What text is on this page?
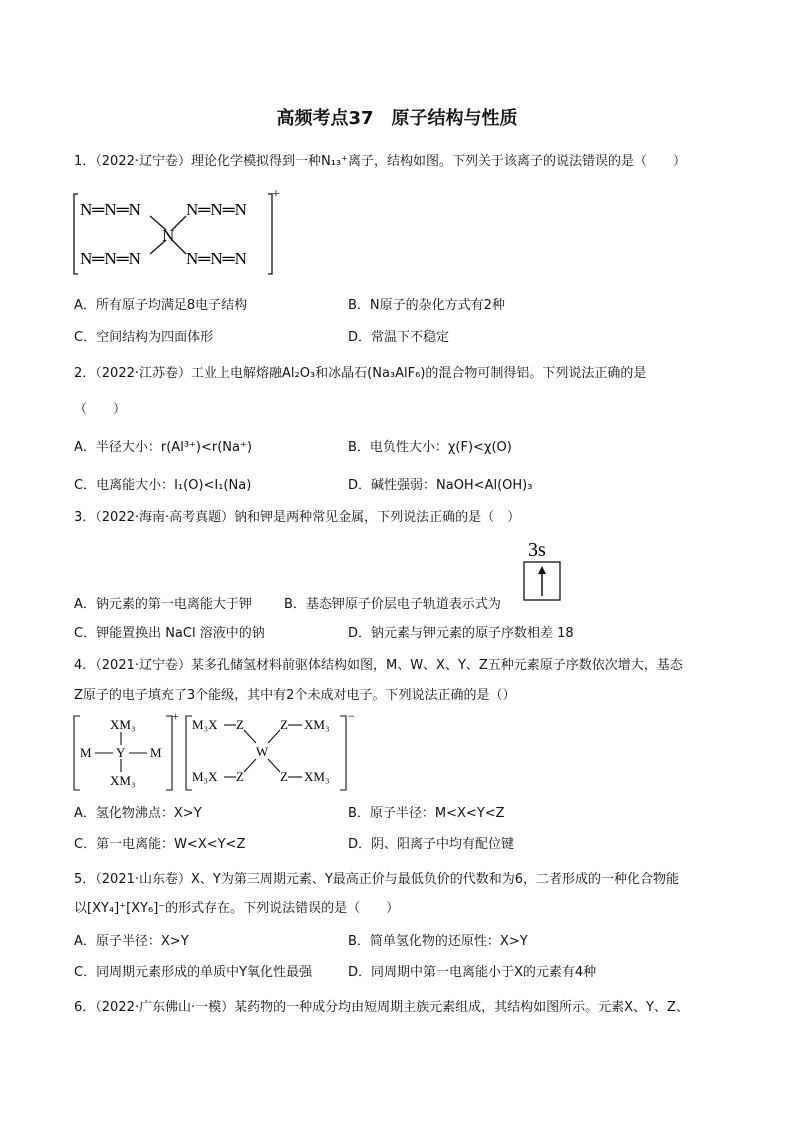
高频考点37　原子结构与性质
1．（2022·辽宁卷）理论化学模拟得到一种N₁₃⁺离子，结构如图。下列关于该离子的说法错误的是（　　）
N═N═N	N═N═N
N
N═N═N	N═N═N
+
A．所有原子均满足8电子结构	B．N原子的杂化方式有2种
C．空间结构为四面体形	D．常温下不稳定
2．（2022·江苏卷）工业上电解熔融Al₂O₃和冰晶石(Na₃AlF₆)的混合物可制得铝。下列说法正确的是
（　　）
A．半径大小：r(Al³⁺)<r(Na⁺)	B．电负性大小：χ(F)<χ(O)
C．电离能大小：I₁(O)<I₁(Na)	D．碱性强弱：NaOH<Al(OH)₃
3．（2022·海南·高考真题）钠和钾是两种常见金属，下列说法正确的是（　）
3s
A．钠元素的第一电离能大于钾 B．基态钾原子价层电子轨道表示式为
C．钾能置换出 NaCl 溶液中的钠	D．钠元素与钾元素的原子序数相差 18
4．（2021·辽宁卷）某多孔储氢材料前驱体结构如图，M、W、X、Y、Z五种元素原子序数依次增大，基态
Z原子的电子填充了3个能级，其中有2个未成对电子。下列说法正确的是（）
XM₃
M Y M
XM₃
+
M₃X Z
W
Z XM₃
M₃X Z	Z XM₃
−
A．氢化物沸点：X>Y	B．原子半径：M<X<Y<Z
C．第一电离能：W<X<Y<Z	D．阴、阳离子中均有配位键
5．（2021·山东卷）X、Y为第三周期元素、Y最高正价与最低负价的代数和为6，二者形成的一种化合物能
以[XY₄]⁺[XY₆]⁻的形式存在。下列说法错误的是（　　）
A．原子半径：X>Y	B．简单氢化物的还原性：X>Y
C．同周期元素形成的单质中Y氧化性最强	D．同周期中第一电离能小于X的元素有4种
6．（2022·广东佛山·一模）某药物的一种成分均由短周期主族元素组成，其结构如图所示。元素X、Y、Z、
